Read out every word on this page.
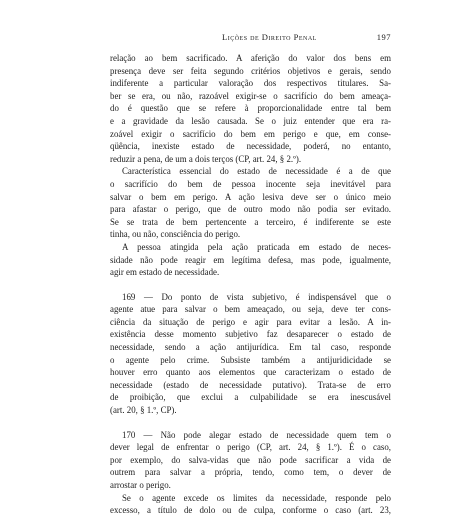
Lições de Direito Penal	197
relação ao bem sacrificado. A aferição do valor dos bens em
presença deve ser feita segundo critérios objetivos e gerais, sendo
indiferente a particular valoração dos respectivos titulares. Sa-
ber se era, ou não, razoável exigir-se o sacrifício do bem ameaça-
do é questão que se refere à proporcionalidade entre tal bem
e a gravidade da lesão causada. Se o juiz entender que era ra-
zoável exigir o sacrifício do bem em perigo e que, em conse-
qüência, inexiste estado de necessidade, poderá, no entanto,
reduzir a pena, de um a dois terços (CP, art. 24, § 2.º).
Característica essencial do estado de necessidade é a de que
o sacrifício do bem de pessoa inocente seja inevitável para
salvar o bem em perigo. A ação lesiva deve ser o único meio
para afastar o perigo, que de outro modo não podia ser evitado.
Se se trata de bem pertencente a terceiro, é indiferente se este
tinha, ou não, consciência do perigo.
A pessoa atingida pela ação praticada em estado de neces-
sidade não pode reagir em legítima defesa, mas pode, igualmente,
agir em estado de necessidade.
169 — Do ponto de vista subjetivo, é indispensável que o
agente atue para salvar o bem ameaçado, ou seja, deve ter cons-
ciência da situação de perigo e agir para evitar a lesão. A in-
existência desse momento subjetivo faz desaparecer o estado de
necessidade, sendo a ação antijurídica. Em tal caso, responde
o agente pelo crime. Subsiste também a antijuridicidade se
houver erro quanto aos elementos que caracterizam o estado de
necessidade (estado de necessidade putativo). Trata-se de erro
de proibição, que exclui a culpabilidade se era inescusável
(art. 20, § 1.º, CP).
170 — Não pode alegar estado de necessidade quem tem o
dever legal de enfrentar o perigo (CP, art. 24, § 1.º). É o caso,
por exemplo, do salva-vidas que não pode sacrificar a vida de
outrem para salvar a própria, tendo, como tem, o dever de
arrostar o perigo.
Se o agente excede os limites da necessidade, responde pelo
excesso, a título de dolo ou de culpa, conforme o caso (art. 23,
